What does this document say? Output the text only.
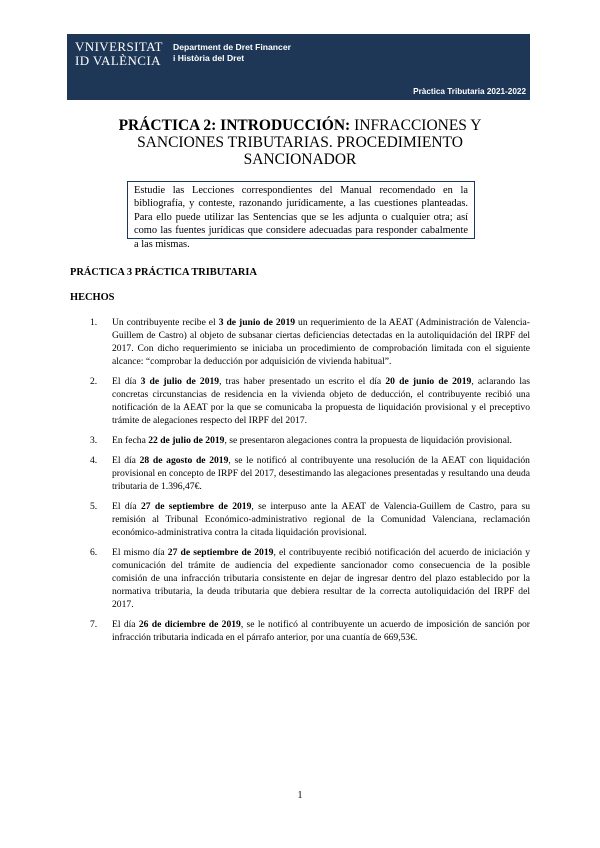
VNIVERSITAT
ID VALÈNCIA
Department de Dret Financer
i Història del Dret
Pràctica Tributaria 2021-2022
PRÁCTICA 2: INTRODUCCIÓN: INFRACCIONES Y SANCIONES TRIBUTARIAS. PROCEDIMIENTO SANCIONADOR
Estudie las Lecciones correspondientes del Manual recomendado en la bibliografía, y conteste, razonando jurídicamente, a las cuestiones planteadas. Para ello puede utilizar las Sentencias que se les adjunta o cualquier otra; así como las fuentes jurídicas que considere adecuadas para responder cabalmente a las mismas.
PRÁCTICA 3 PRÁCTICA TRIBUTARIA
HECHOS
1. Un contribuyente recibe el 3 de junio de 2019 un requerimiento de la AEAT (Administración de Valencia-Guillem de Castro) al objeto de subsanar ciertas deficiencias detectadas en la autoliquidación del IRPF del 2017. Con dicho requerimiento se iniciaba un procedimiento de comprobación limitada con el siguiente alcance: “comprobar la deducción por adquisición de vivienda habitual”.
2. El día 3 de julio de 2019, tras haber presentado un escrito el día 20 de junio de 2019, aclarando las concretas circunstancias de residencia en la vivienda objeto de deducción, el contribuyente recibió una notificación de la AEAT por la que se comunicaba la propuesta de liquidación provisional y el preceptivo trámite de alegaciones respecto del IRPF del 2017.
3. En fecha 22 de julio de 2019, se presentaron alegaciones contra la propuesta de liquidación provisional.
4. El día 28 de agosto de 2019, se le notificó al contribuyente una resolución de la AEAT con liquidación provisional en concepto de IRPF del 2017, desestimando las alegaciones presentadas y resultando una deuda tributaria de 1.396,47€.
5. El día 27 de septiembre de 2019, se interpuso ante la AEAT de Valencia-Guillem de Castro, para su remisión al Tribunal Económico-administrativo regional de la Comunidad Valenciana, reclamación económico-administrativa contra la citada liquidación provisional.
6. El mismo día 27 de septiembre de 2019, el contribuyente recibió notificación del acuerdo de iniciación y comunicación del trámite de audiencia del expediente sancionador como consecuencia de la posible comisión de una infracción tributaria consistente en dejar de ingresar dentro del plazo establecido por la normativa tributaria, la deuda tributaria que debiera resultar de la correcta autoliquidación del IRPF del 2017.
7. El día 26 de diciembre de 2019, se le notificó al contribuyente un acuerdo de imposición de sanción por infracción tributaria indicada en el párrafo anterior, por una cuantía de 669,53€.
1
